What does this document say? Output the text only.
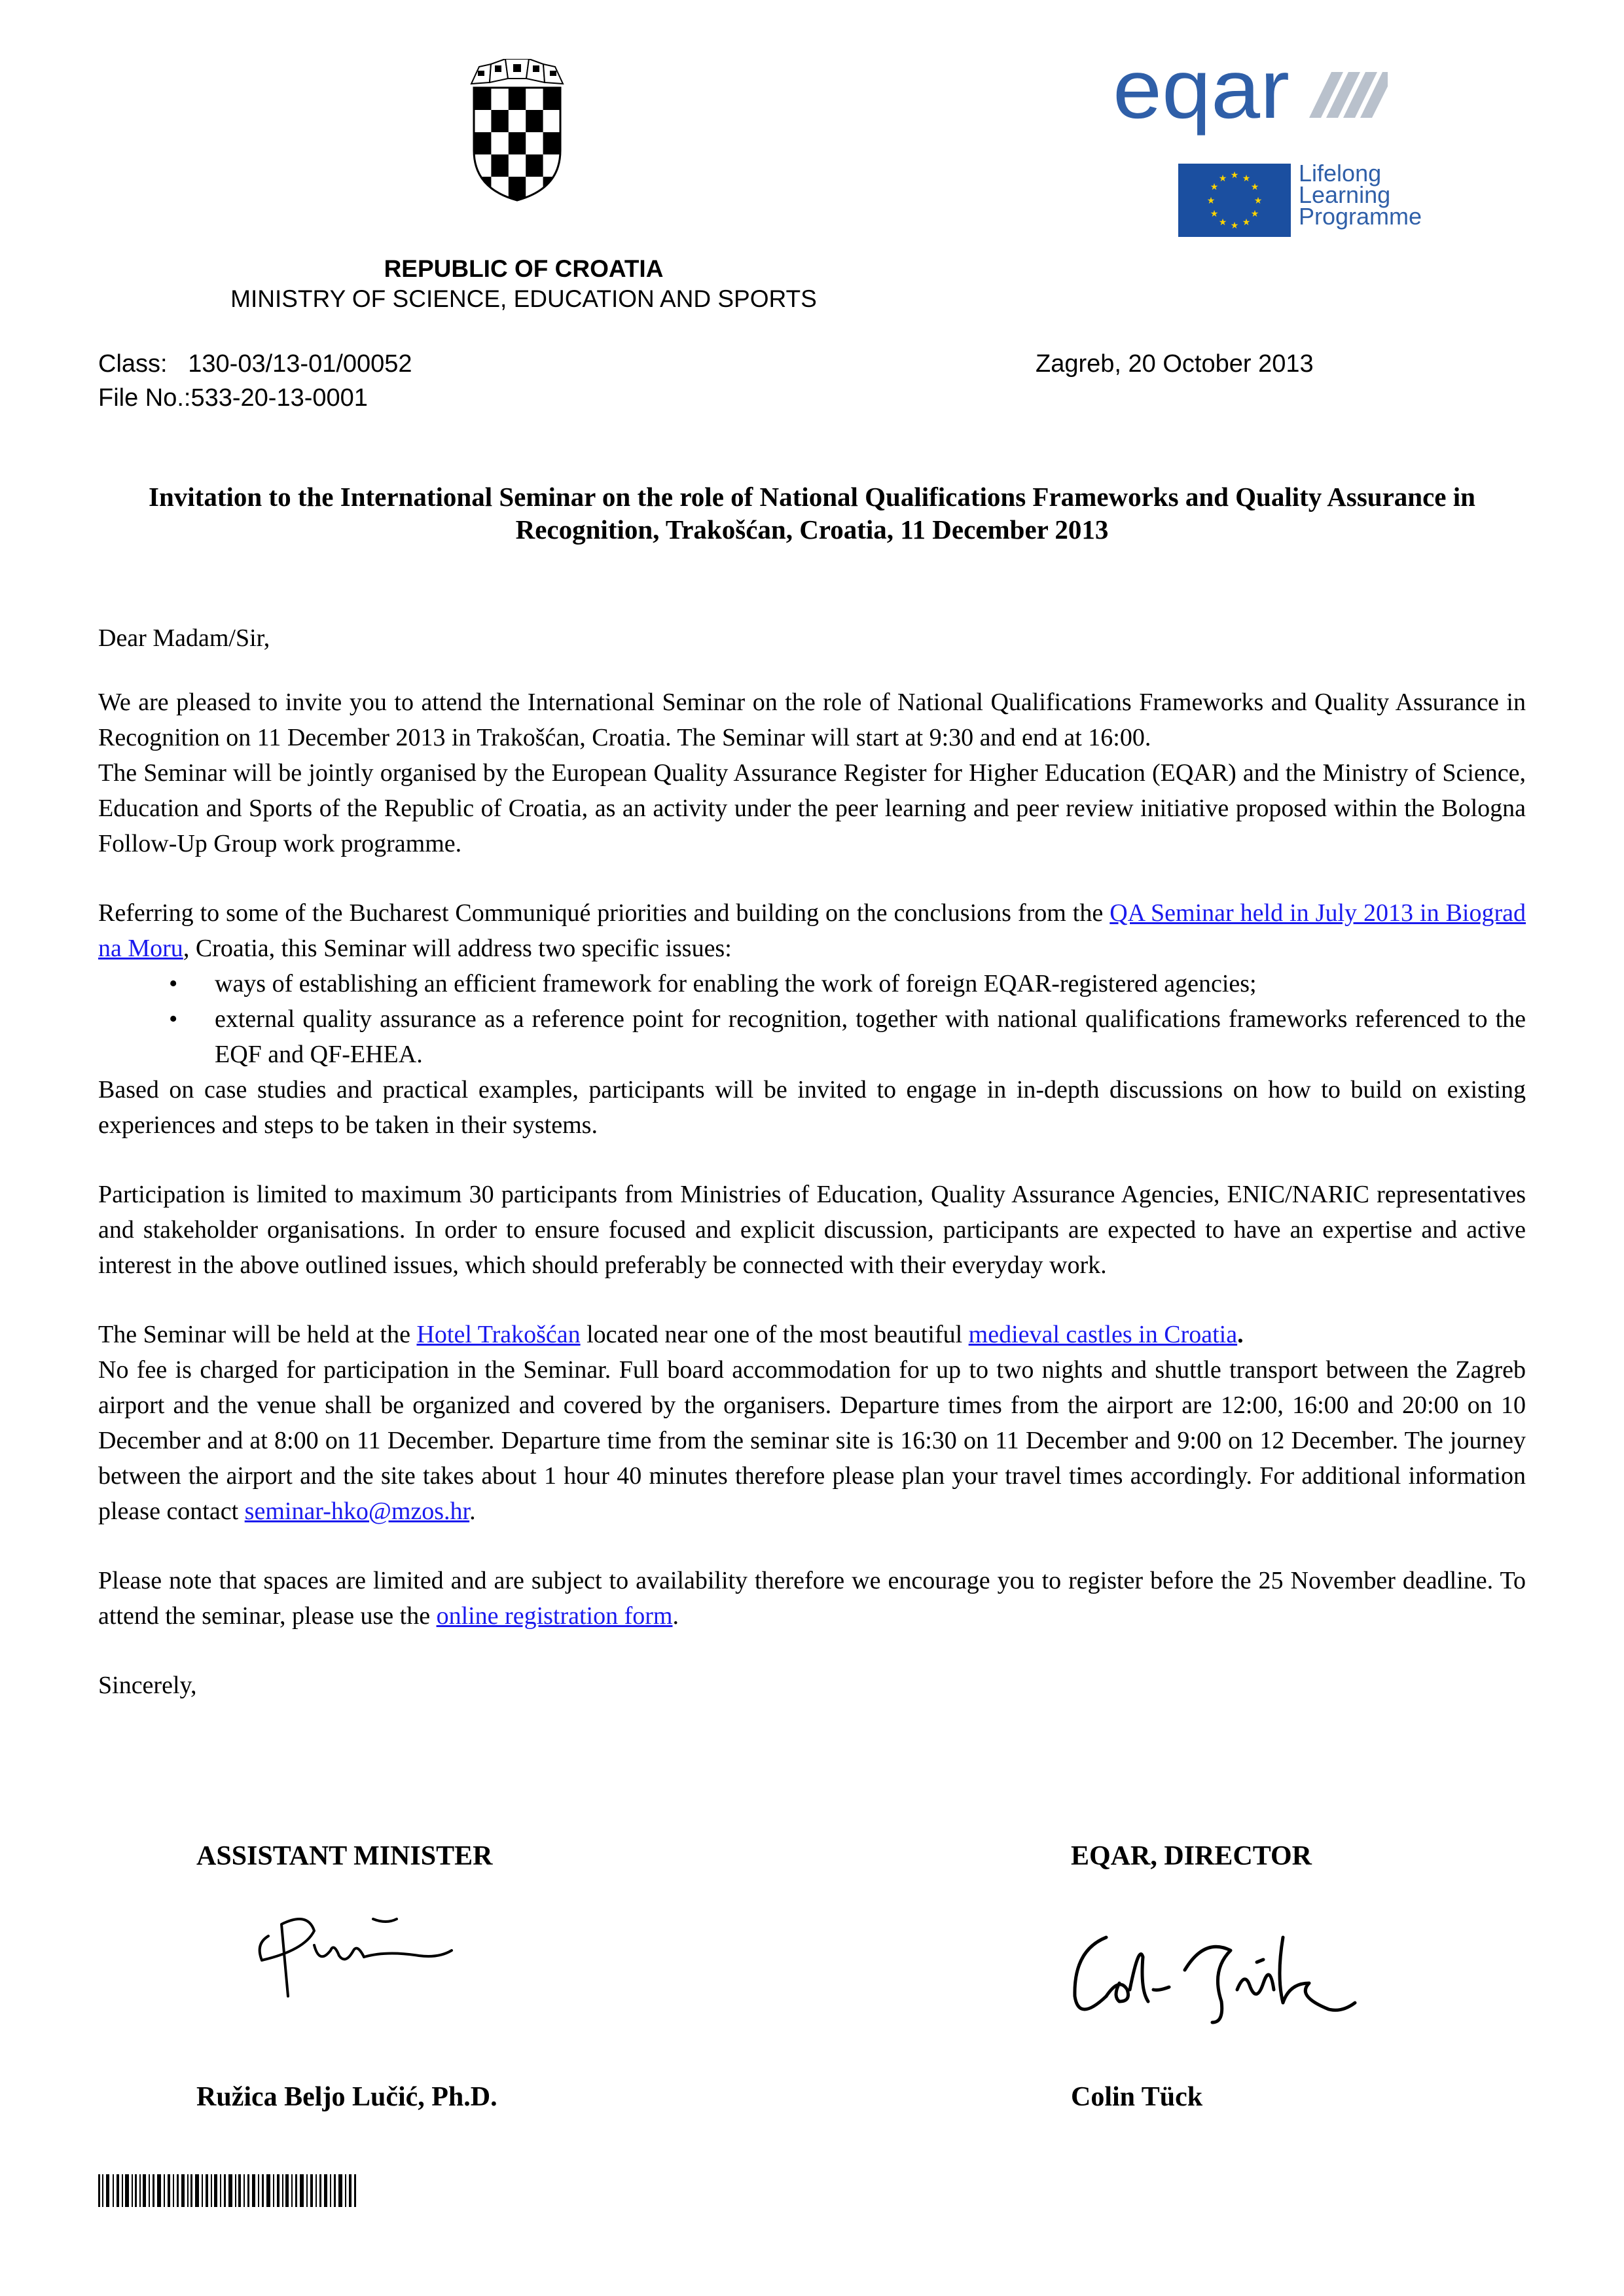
REPUBLIC OF CROATIA
MINISTRY OF SCIENCE, EDUCATION AND SPORTS
eqar
★ ★
★
★
★
★
★
★
★
★
★
★	Lifelong Learning Programme
Class: 130-03/13-01/00052
File No.:533-20-13-0001
Zagreb, 20 October 2013
Invitation to the International Seminar on the role of National Qualifications Frameworks and Quality Assurance in Recognition, Trakošćan, Croatia, 11 December 2013
Dear Madam/Sir,
We are pleased to invite you to attend the International Seminar on the role of National Qualifications Frameworks and Quality Assurance in Recognition on 11 December 2013 in Trakošćan, Croatia. The Seminar will start at 9:30 and end at 16:00.
The Seminar will be jointly organised by the European Quality Assurance Register for Higher Education (EQAR) and the Ministry of Science, Education and Sports of the Republic of Croatia, as an activity under the peer learning and peer review initiative proposed within the Bologna Follow-Up Group work programme.
Referring to some of the Bucharest Communiqué priorities and building on the conclusions from the QA Seminar held in July 2013 in Biograd na Moru, Croatia, this Seminar will address two specific issues:
• ways of establishing an efficient framework for enabling the work of foreign EQAR-registered agencies;
• external quality assurance as a reference point for recognition, together with national qualifications frameworks referenced to the EQF and QF-EHEA.
Based on case studies and practical examples, participants will be invited to engage in in-depth discussions on how to build on existing experiences and steps to be taken in their systems.
Participation is limited to maximum 30 participants from Ministries of Education, Quality Assurance Agencies, ENIC/NARIC representatives and stakeholder organisations. In order to ensure focused and explicit discussion, participants are expected to have an expertise and active interest in the above outlined issues, which should preferably be connected with their everyday work.
The Seminar will be held at the Hotel Trakošćan located near one of the most beautiful medieval castles in Croatia.
No fee is charged for participation in the Seminar. Full board accommodation for up to two nights and shuttle transport between the Zagreb airport and the venue shall be organized and covered by the organisers. Departure times from the airport are 12:00, 16:00 and 20:00 on 10 December and at 8:00 on 11 December. Departure time from the seminar site is 16:30 on 11 December and 9:00 on 12 December. The journey between the airport and the site takes about 1 hour 40 minutes therefore please plan your travel times accordingly. For additional information please contact seminar-hko@mzos.hr.
Please note that spaces are limited and are subject to availability therefore we encourage you to register before the 25 November deadline. To attend the seminar, please use the online registration form.
Sincerely,
ASSISTANT MINISTER	EQAR, DIRECTOR
Ružica Beljo Lučić, Ph.D.	Colin Tück
